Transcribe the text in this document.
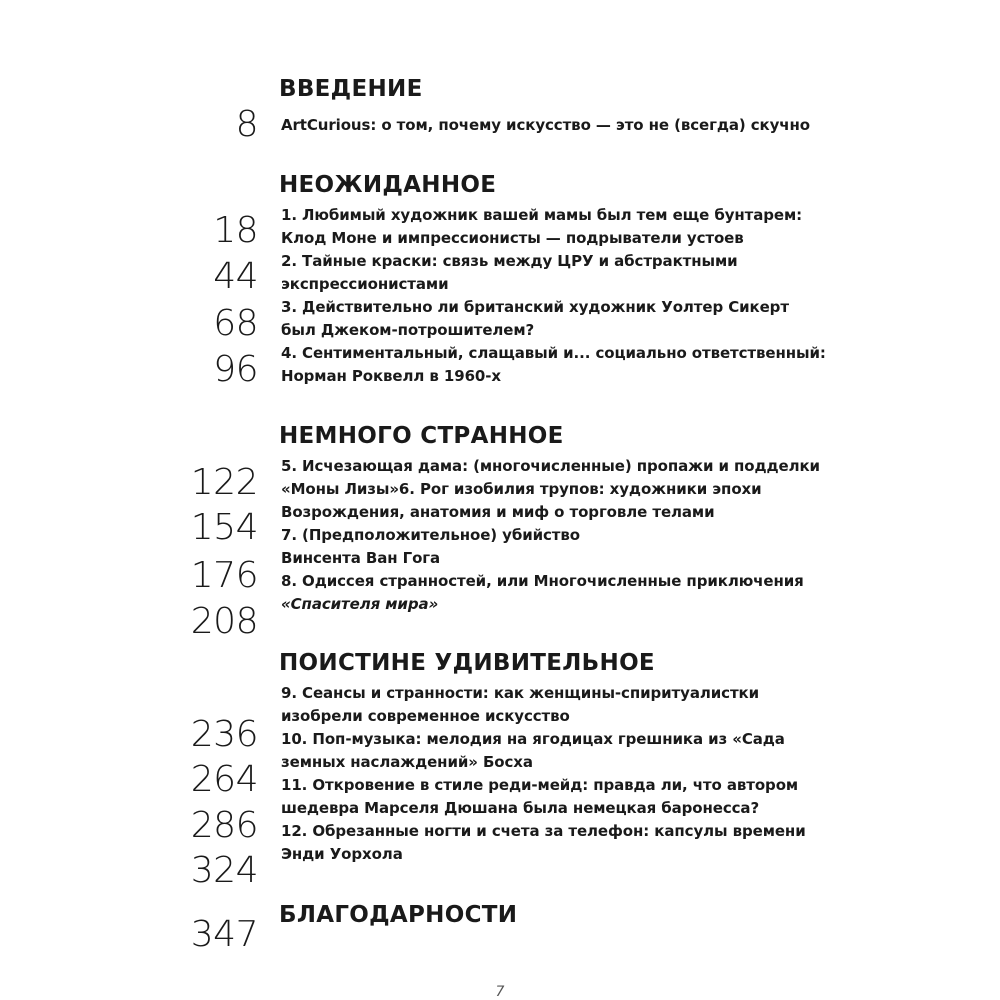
ВВЕДЕНИЕ
НЕОЖИДАННОЕ
НЕМНОГО СТРАННОЕ
ПОИСТИНЕ УДИВИТЕЛЬНОЕ
БЛАГОДАРНОСТИ
8
18
44
68
96
122
154
176
208
236
264
286
324
347
ArtCurious: о том, почему искусство — это не (всегда) скучно
1. Любимый художник вашей мамы был тем еще бунтарем:
Клод Моне и импрессионисты — подрыватели устоев
2. Тайные краски: связь между ЦРУ и абстрактными
экспрессионистами
3. Действительно ли британский художник Уолтер Сикерт
был Джеком-потрошителем?
4. Сентиментальный, слащавый и... социально ответственный:
Норман Роквелл в 1960-х
5. Исчезающая дама: (многочисленные) пропажи и подделки
«Моны Лизы»6. Рог изобилия трупов: художники эпохи
Возрождения, анатомия и миф о торговле телами
7. (Предположительное) убийство
Винсента Ван Гога
8. Одиссея странностей, или Многочисленные приключения
«Спасителя мира»
9. Сеансы и странности: как женщины-спиритуалистки
изобрели современное искусство
10. Поп-музыка: мелодия на ягодицах грешника из «Сада
земных наслаждений» Босха
11. Откровение в стиле реди-мейд: правда ли, что автором
шедевра Марселя Дюшана была немецкая баронесса?
12. Обрезанные ногти и счета за телефон: капсулы времени
Энди Уорхола
7
